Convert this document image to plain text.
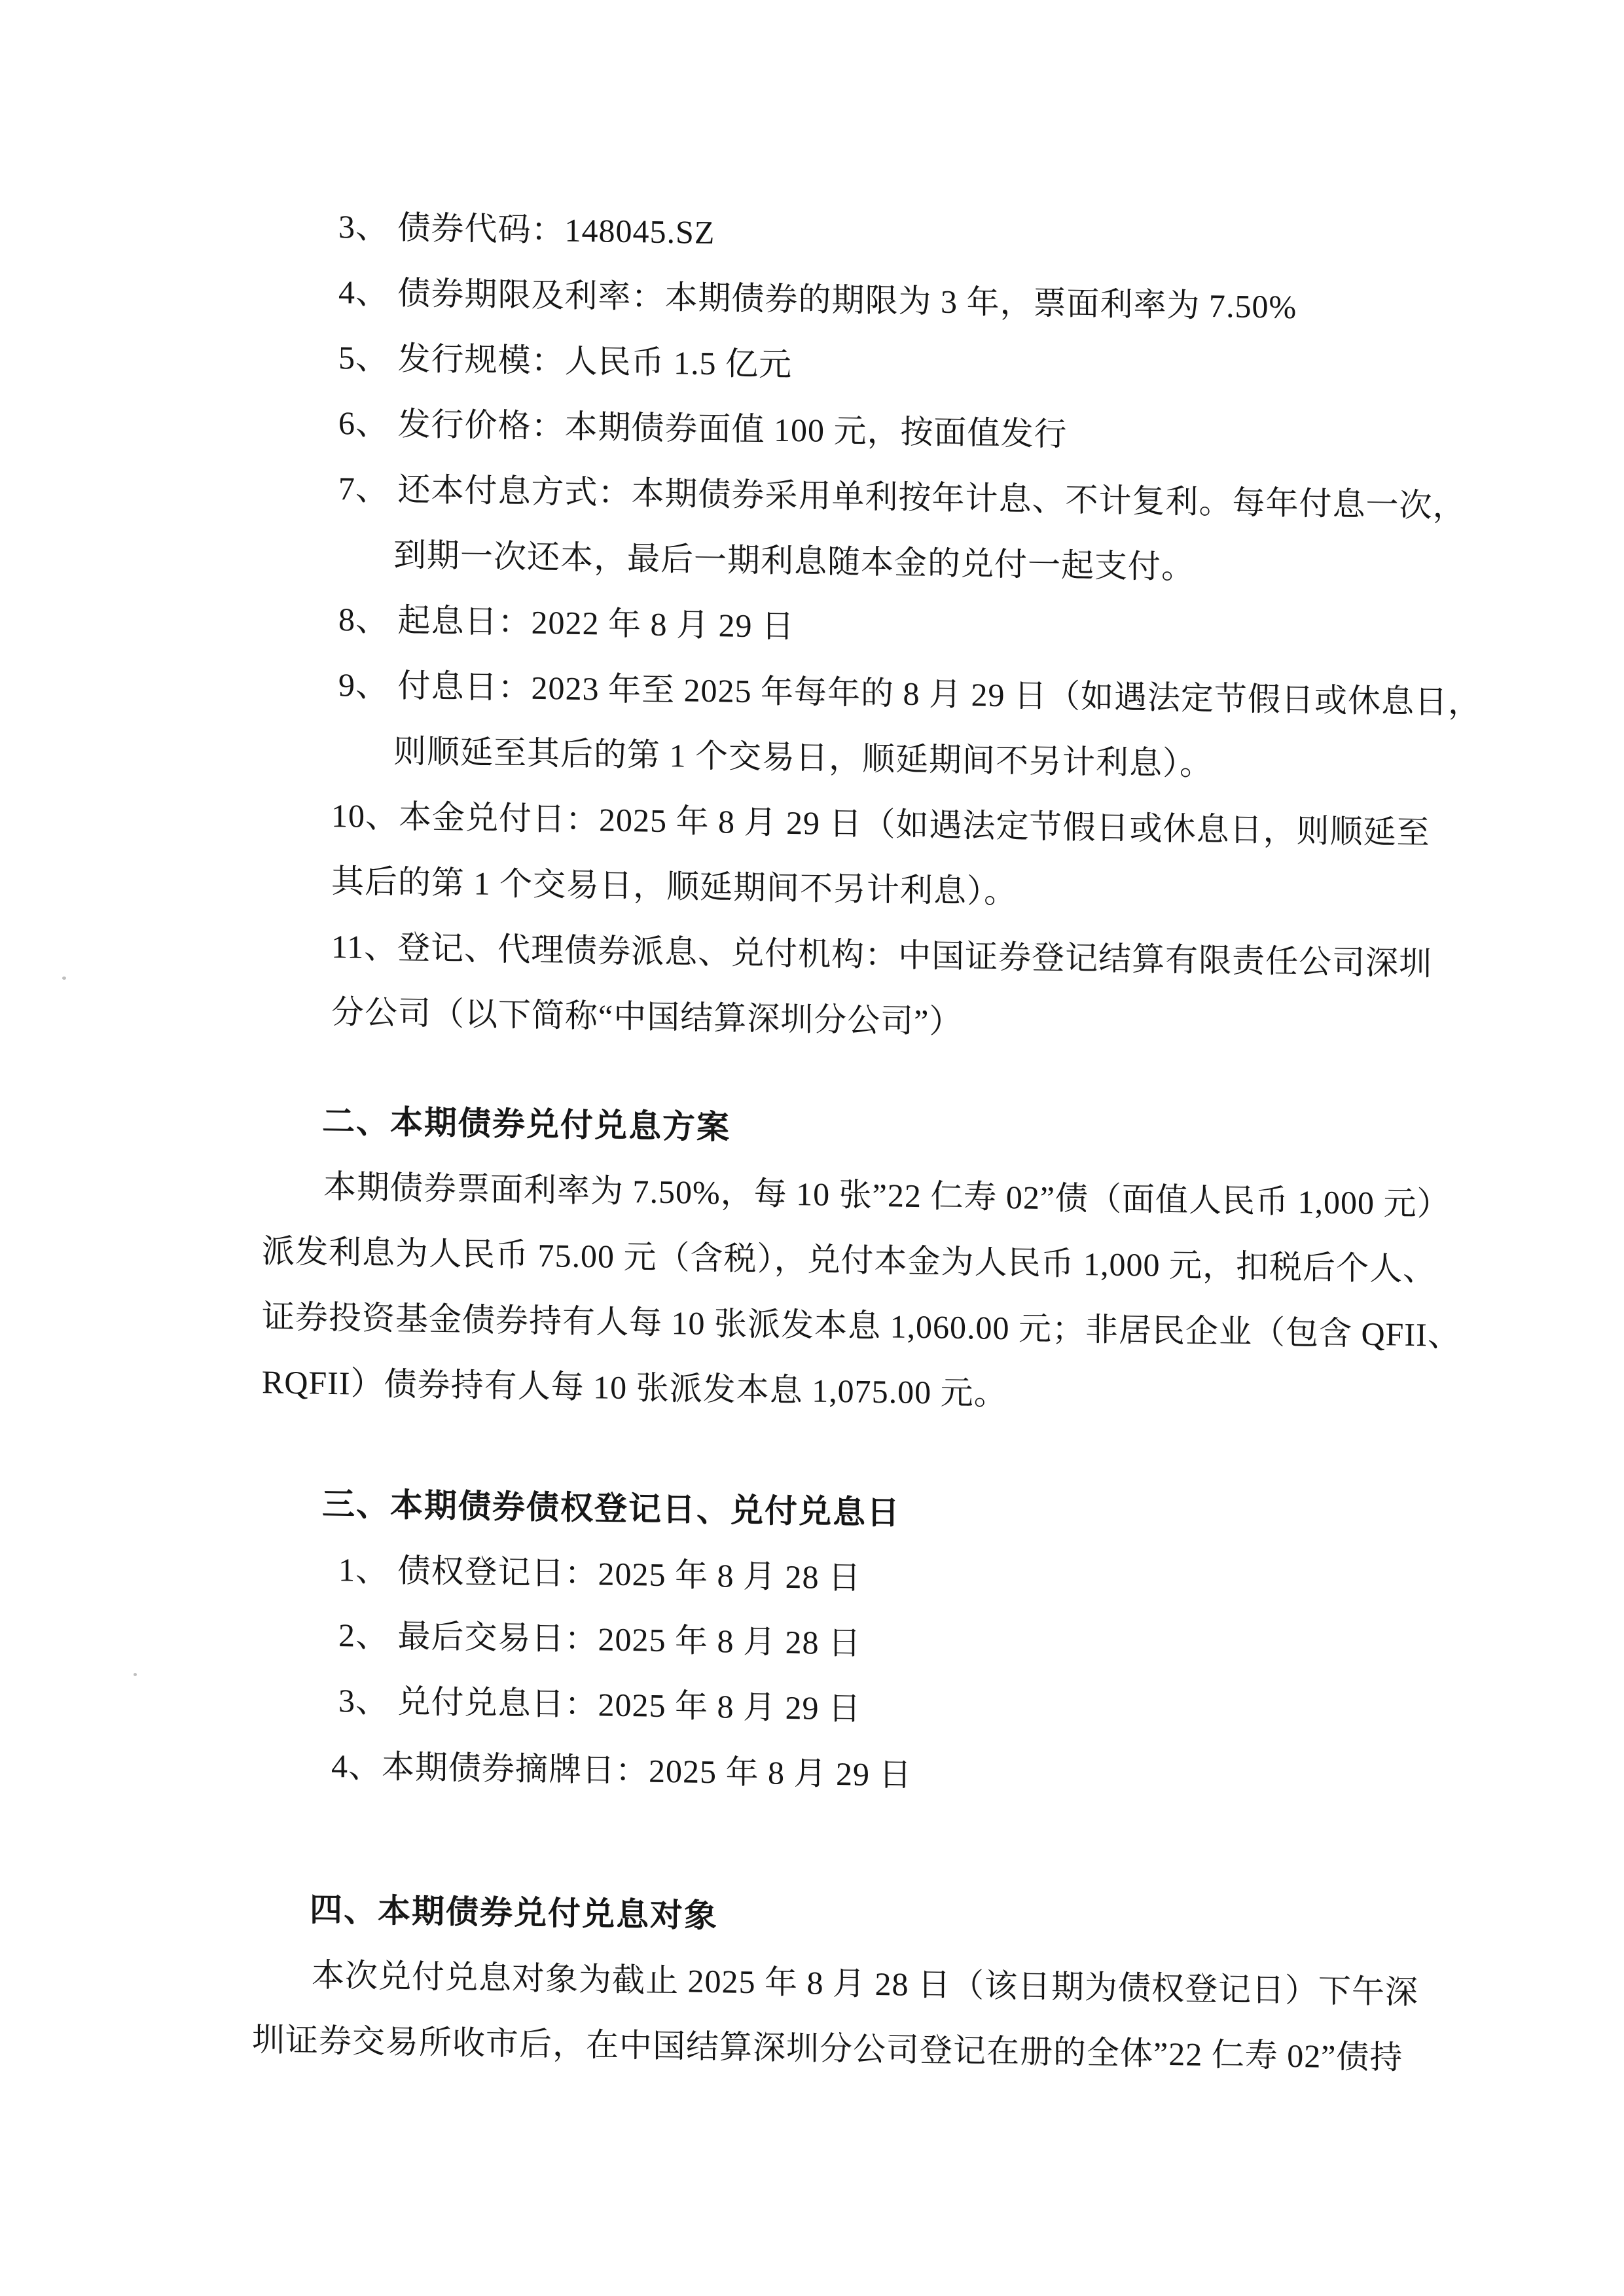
3、 债券代码：148045.SZ
4、 债券期限及利率：本期债券的期限为 3 年，票面利率为 7.50%
5、 发行规模：人民币 1.5 亿元
6、 发行价格：本期债券面值 100 元，按面值发行
7、 还本付息方式：本期债券采用单利按年计息、不计复利。每年付息一次，
到期一次还本，最后一期利息随本金的兑付一起支付。
8、 起息日：2022 年 8 月 29 日
9、 付息日：2023 年至 2025 年每年的 8 月 29 日（如遇法定节假日或休息日，
则顺延至其后的第 1 个交易日，顺延期间不另计利息）。
10、本金兑付日：2025 年 8 月 29 日（如遇法定节假日或休息日，则顺延至
其后的第 1 个交易日，顺延期间不另计利息）。
11、登记、代理债券派息、兑付机构：中国证券登记结算有限责任公司深圳
分公司（以下简称“中国结算深圳分公司”）
二、本期债券兑付兑息方案
本期债券票面利率为 7.50%，每 10 张”22 仁寿 02”债（面值人民币 1,000 元）
派发利息为人民币 75.00 元（含税），兑付本金为人民币 1,000 元，扣税后个人、
证券投资基金债券持有人每 10 张派发本息 1,060.00 元；非居民企业（包含 QFII、
RQFII）债券持有人每 10 张派发本息 1,075.00 元。
三、本期债券债权登记日、兑付兑息日
1、 债权登记日：2025 年 8 月 28 日
2、 最后交易日：2025 年 8 月 28 日
3、 兑付兑息日：2025 年 8 月 29 日
4、本期债券摘牌日：2025 年 8 月 29 日
四、本期债券兑付兑息对象
本次兑付兑息对象为截止 2025 年 8 月 28 日（该日期为债权登记日）下午深
圳证券交易所收市后，在中国结算深圳分公司登记在册的全体”22 仁寿 02”债持
